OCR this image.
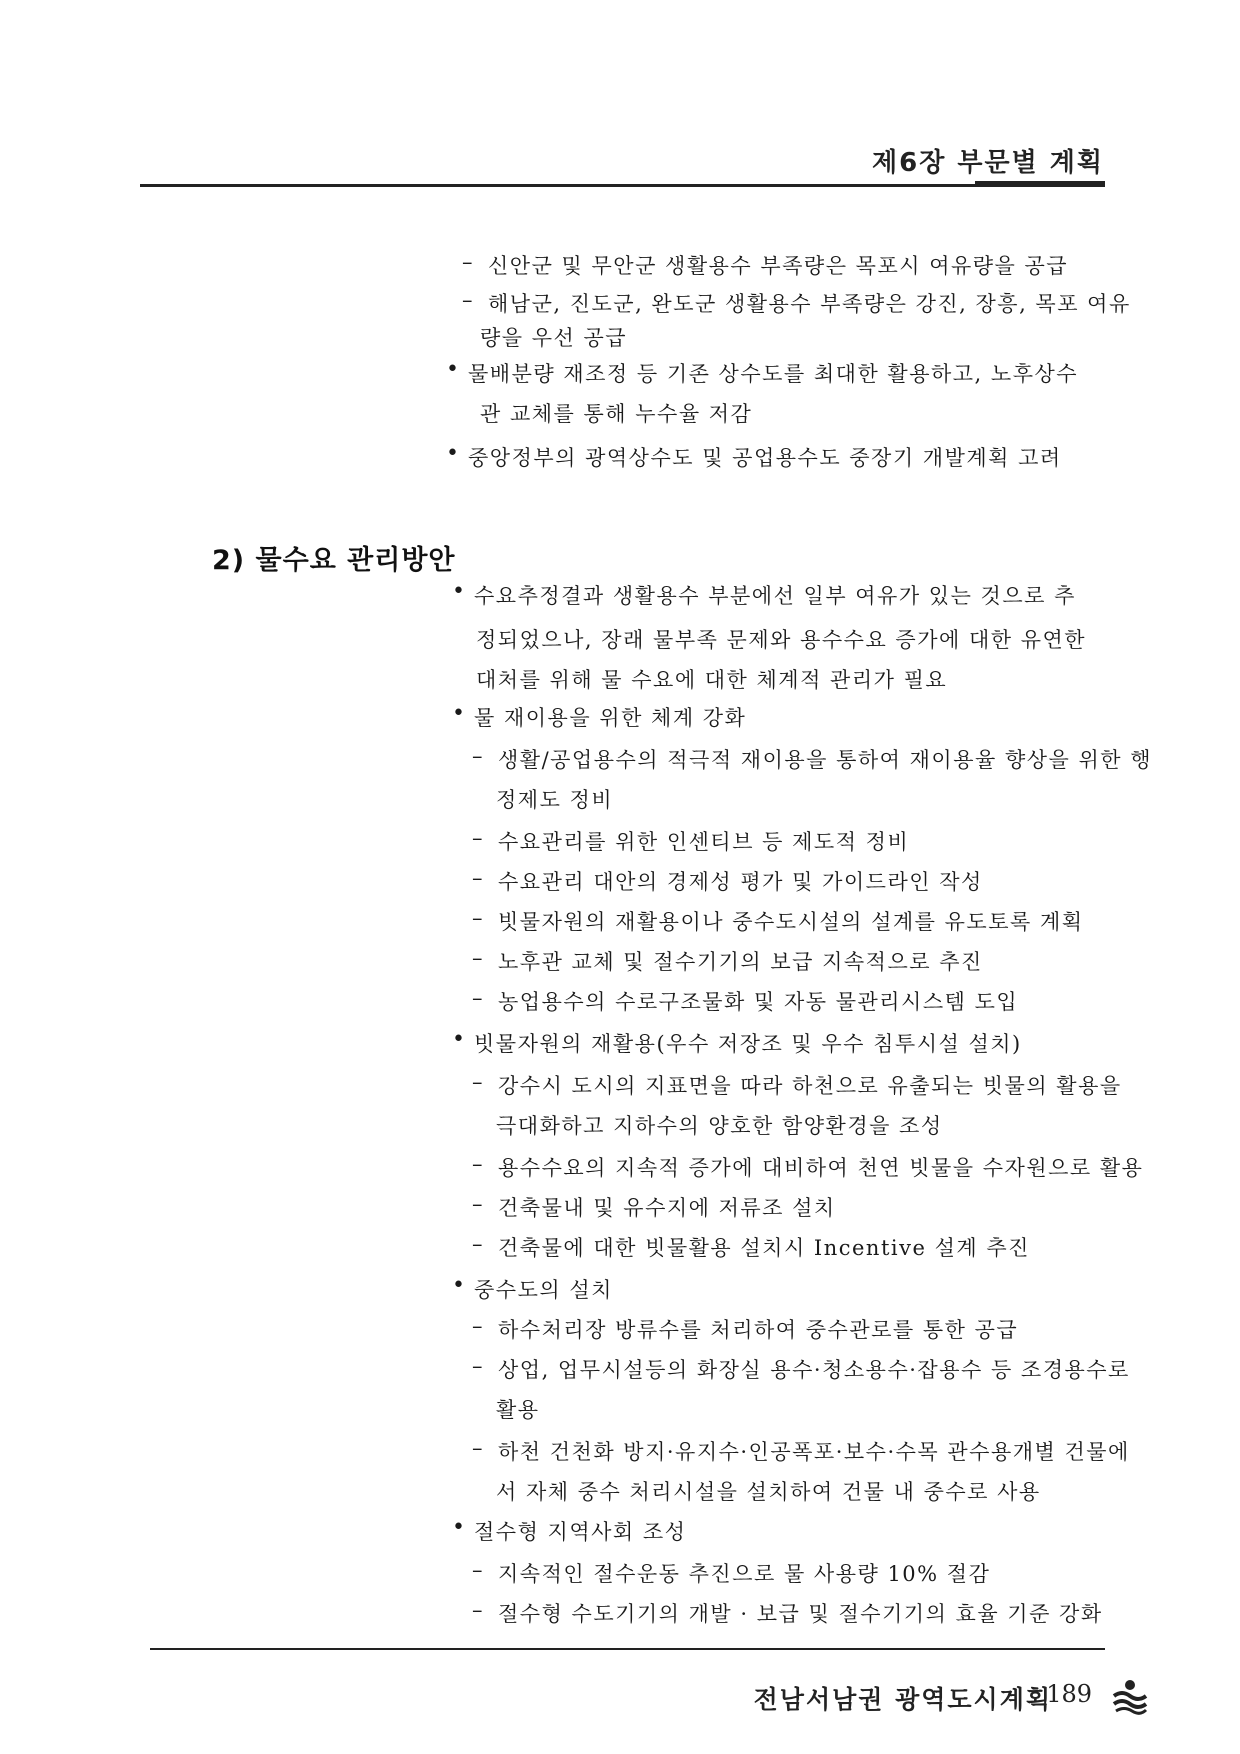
제6장 부문별 계획
– 신안군 및 무안군 생활용수 부족량은 목포시 여유량을 공급
– 해남군, 진도군, 완도군 생활용수 부족량은 강진, 장흥, 목포 여유
량을 우선 공급
• 물배분량 재조정 등 기존 상수도를 최대한 활용하고, 노후상수
관 교체를 통해 누수율 저감
• 중앙정부의 광역상수도 및 공업용수도 중장기 개발계획 고려
2) 물수요 관리방안
• 수요추정결과 생활용수 부분에선 일부 여유가 있는 것으로 추
정되었으나, 장래 물부족 문제와 용수수요 증가에 대한 유연한
대처를 위해 물 수요에 대한 체계적 관리가 필요
• 물 재이용을 위한 체계 강화
– 생활/공업용수의 적극적 재이용을 통하여 재이용율 향상을 위한 행
정제도 정비
– 수요관리를 위한 인센티브 등 제도적 정비
– 수요관리 대안의 경제성 평가 및 가이드라인 작성
– 빗물자원의 재활용이나 중수도시설의 설계를 유도토록 계획
– 노후관 교체 및 절수기기의 보급 지속적으로 추진
– 농업용수의 수로구조물화 및 자동 물관리시스템 도입
• 빗물자원의 재활용(우수 저장조 및 우수 침투시설 설치)
– 강수시 도시의 지표면을 따라 하천으로 유출되는 빗물의 활용을
극대화하고 지하수의 양호한 함양환경을 조성
– 용수수요의 지속적 증가에 대비하여 천연 빗물을 수자원으로 활용
– 건축물내 및 유수지에 저류조 설치
– 건축물에 대한 빗물활용 설치시 Incentive 설계 추진
• 중수도의 설치
– 하수처리장 방류수를 처리하여 중수관로를 통한 공급
– 상업, 업무시설등의 화장실 용수·청소용수·잡용수 등 조경용수로
활용
– 하천 건천화 방지·유지수·인공폭포·보수·수목 관수용개별 건물에
서 자체 중수 처리시설을 설치하여 건물 내 중수로 사용
• 절수형 지역사회 조성
– 지속적인 절수운동 추진으로 물 사용량 10% 절감
– 절수형 수도기기의 개발 · 보급 및 절수기기의 효율 기준 강화
전남서남권 광역도시계획
189
